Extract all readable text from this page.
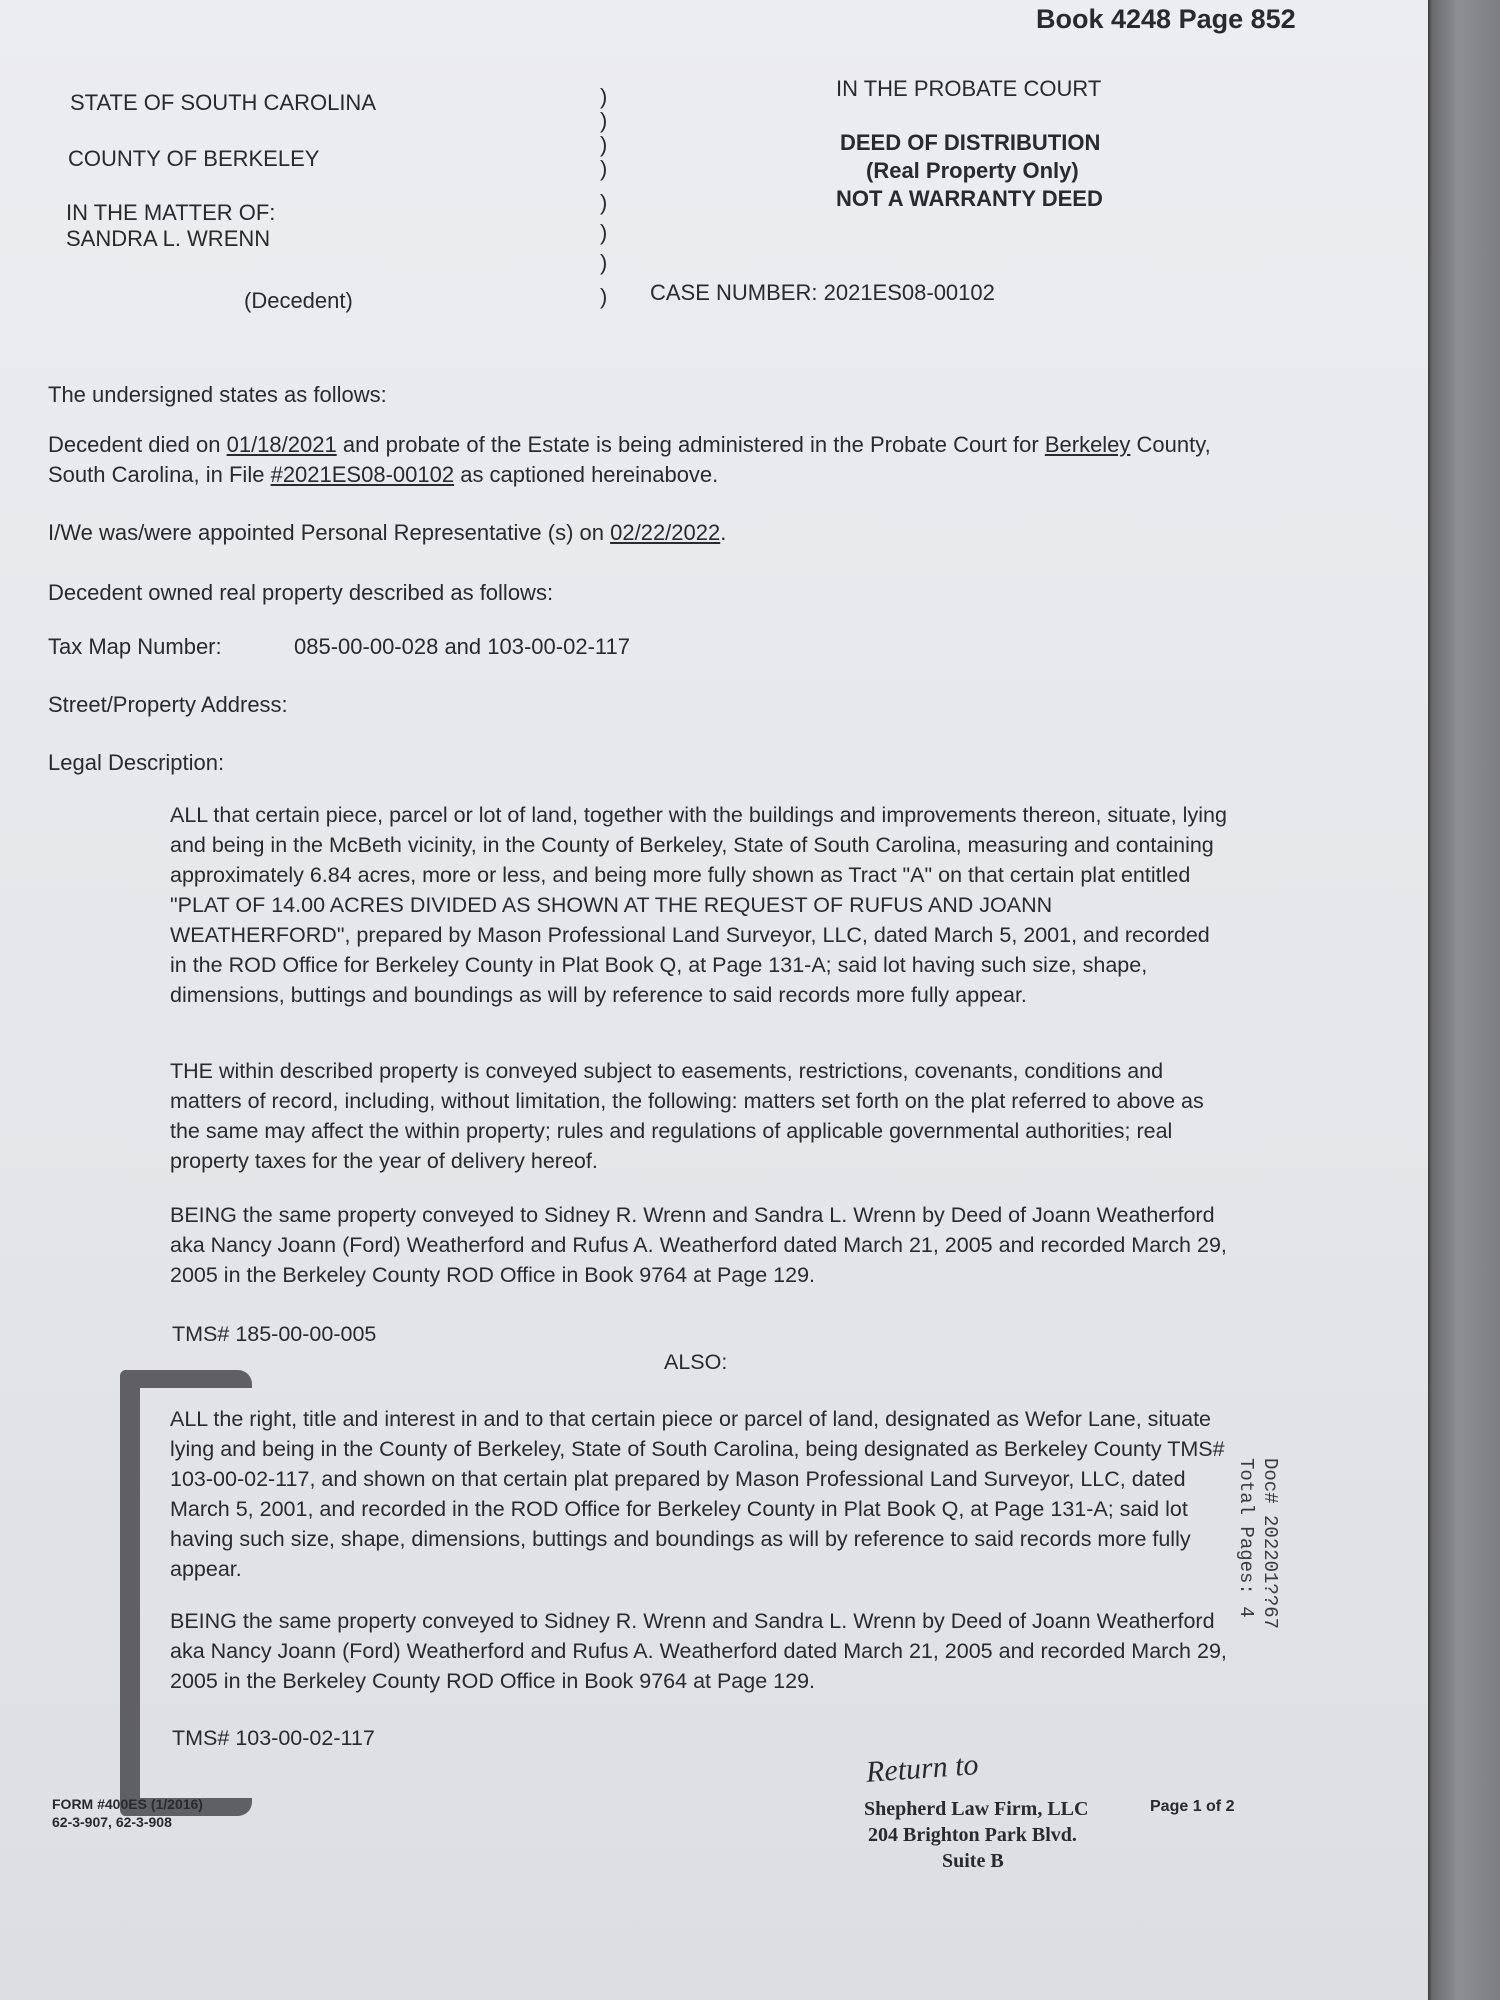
Book 4248 Page 852
STATE OF SOUTH CAROLINA
COUNTY OF BERKELEY
IN THE MATTER OF:
SANDRA L. WRENN
(Decedent)
)
)
)
)
)
)
)
)
IN THE PROBATE COURT
DEED OF DISTRIBUTION
(Real Property Only)
NOT A WARRANTY DEED
CASE NUMBER: 2021ES08-00102
The undersigned states as follows:
Decedent died on 01/18/2021 and probate of the Estate is being administered in the Probate Court for Berkeley County,
South Carolina, in File #2021ES08-00102 as captioned hereinabove.
I/We was/were appointed Personal Representative (s) on 02/22/2022.
Decedent owned real property described as follows:
Tax Map Number:	085-00-00-028 and 103-00-02-117
Street/Property Address:
Legal Description:

ALL that certain piece, parcel or lot of land, together with the buildings and improvements thereon, situate, lying and being in the McBeth vicinity, in the County of Berkeley, State of South Carolina, measuring and containing approximately 6.84 acres, more or less, and being more fully shown as Tract "A" on that certain plat entitled "PLAT OF 14.00 ACRES DIVIDED AS SHOWN AT THE REQUEST OF RUFUS AND JOANN WEATHERFORD", prepared by Mason Professional Land Surveyor, LLC, dated March 5, 2001, and recorded in the ROD Office for Berkeley County in Plat Book Q, at Page 131-A; said lot having such size, shape, dimensions, buttings and boundings as will by reference to said records more fully appear.

THE within described property is conveyed subject to easements, restrictions, covenants, conditions and matters of record, including, without limitation, the following: matters set forth on the plat referred to above as the same may affect the within property; rules and regulations of applicable governmental authorities; real property taxes for the year of delivery hereof.

BEING the same property conveyed to Sidney R. Wrenn and Sandra L. Wrenn by Deed of Joann Weatherford aka Nancy Joann (Ford) Weatherford and Rufus A. Weatherford dated March 21, 2005 and recorded March 29, 2005 in the Berkeley County ROD Office in Book 9764 at Page 129.

TMS# 185-00-00-005
ALSO:

ALL the right, title and interest in and to that certain piece or parcel of land, designated as Wefor Lane, situate lying and being in the County of Berkeley, State of South Carolina, being designated as Berkeley County TMS# 103-00-02-117, and shown on that certain plat prepared by Mason Professional Land Surveyor, LLC, dated March 5, 2001, and recorded in the ROD Office for Berkeley County in Plat Book Q, at Page 131-A; said lot having such size, shape, dimensions, buttings and boundings as will by reference to said records more fully appear.

BEING the same property conveyed to Sidney R. Wrenn and Sandra L. Wrenn by Deed of Joann Weatherford aka Nancy Joann (Ford) Weatherford and Rufus A. Weatherford dated March 21, 2005 and recorded March 29, 2005 in the Berkeley County ROD Office in Book 9764 at Page 129.

TMS# 103-00-02-117
Doc# 202201??67
Total Pages: 4
FORM #400ES (1/2016)
62-3-907, 62-3-908
Return to
Shepherd Law Firm, LLC
204 Brighton Park Blvd.
Suite B
Page 1 of 2
